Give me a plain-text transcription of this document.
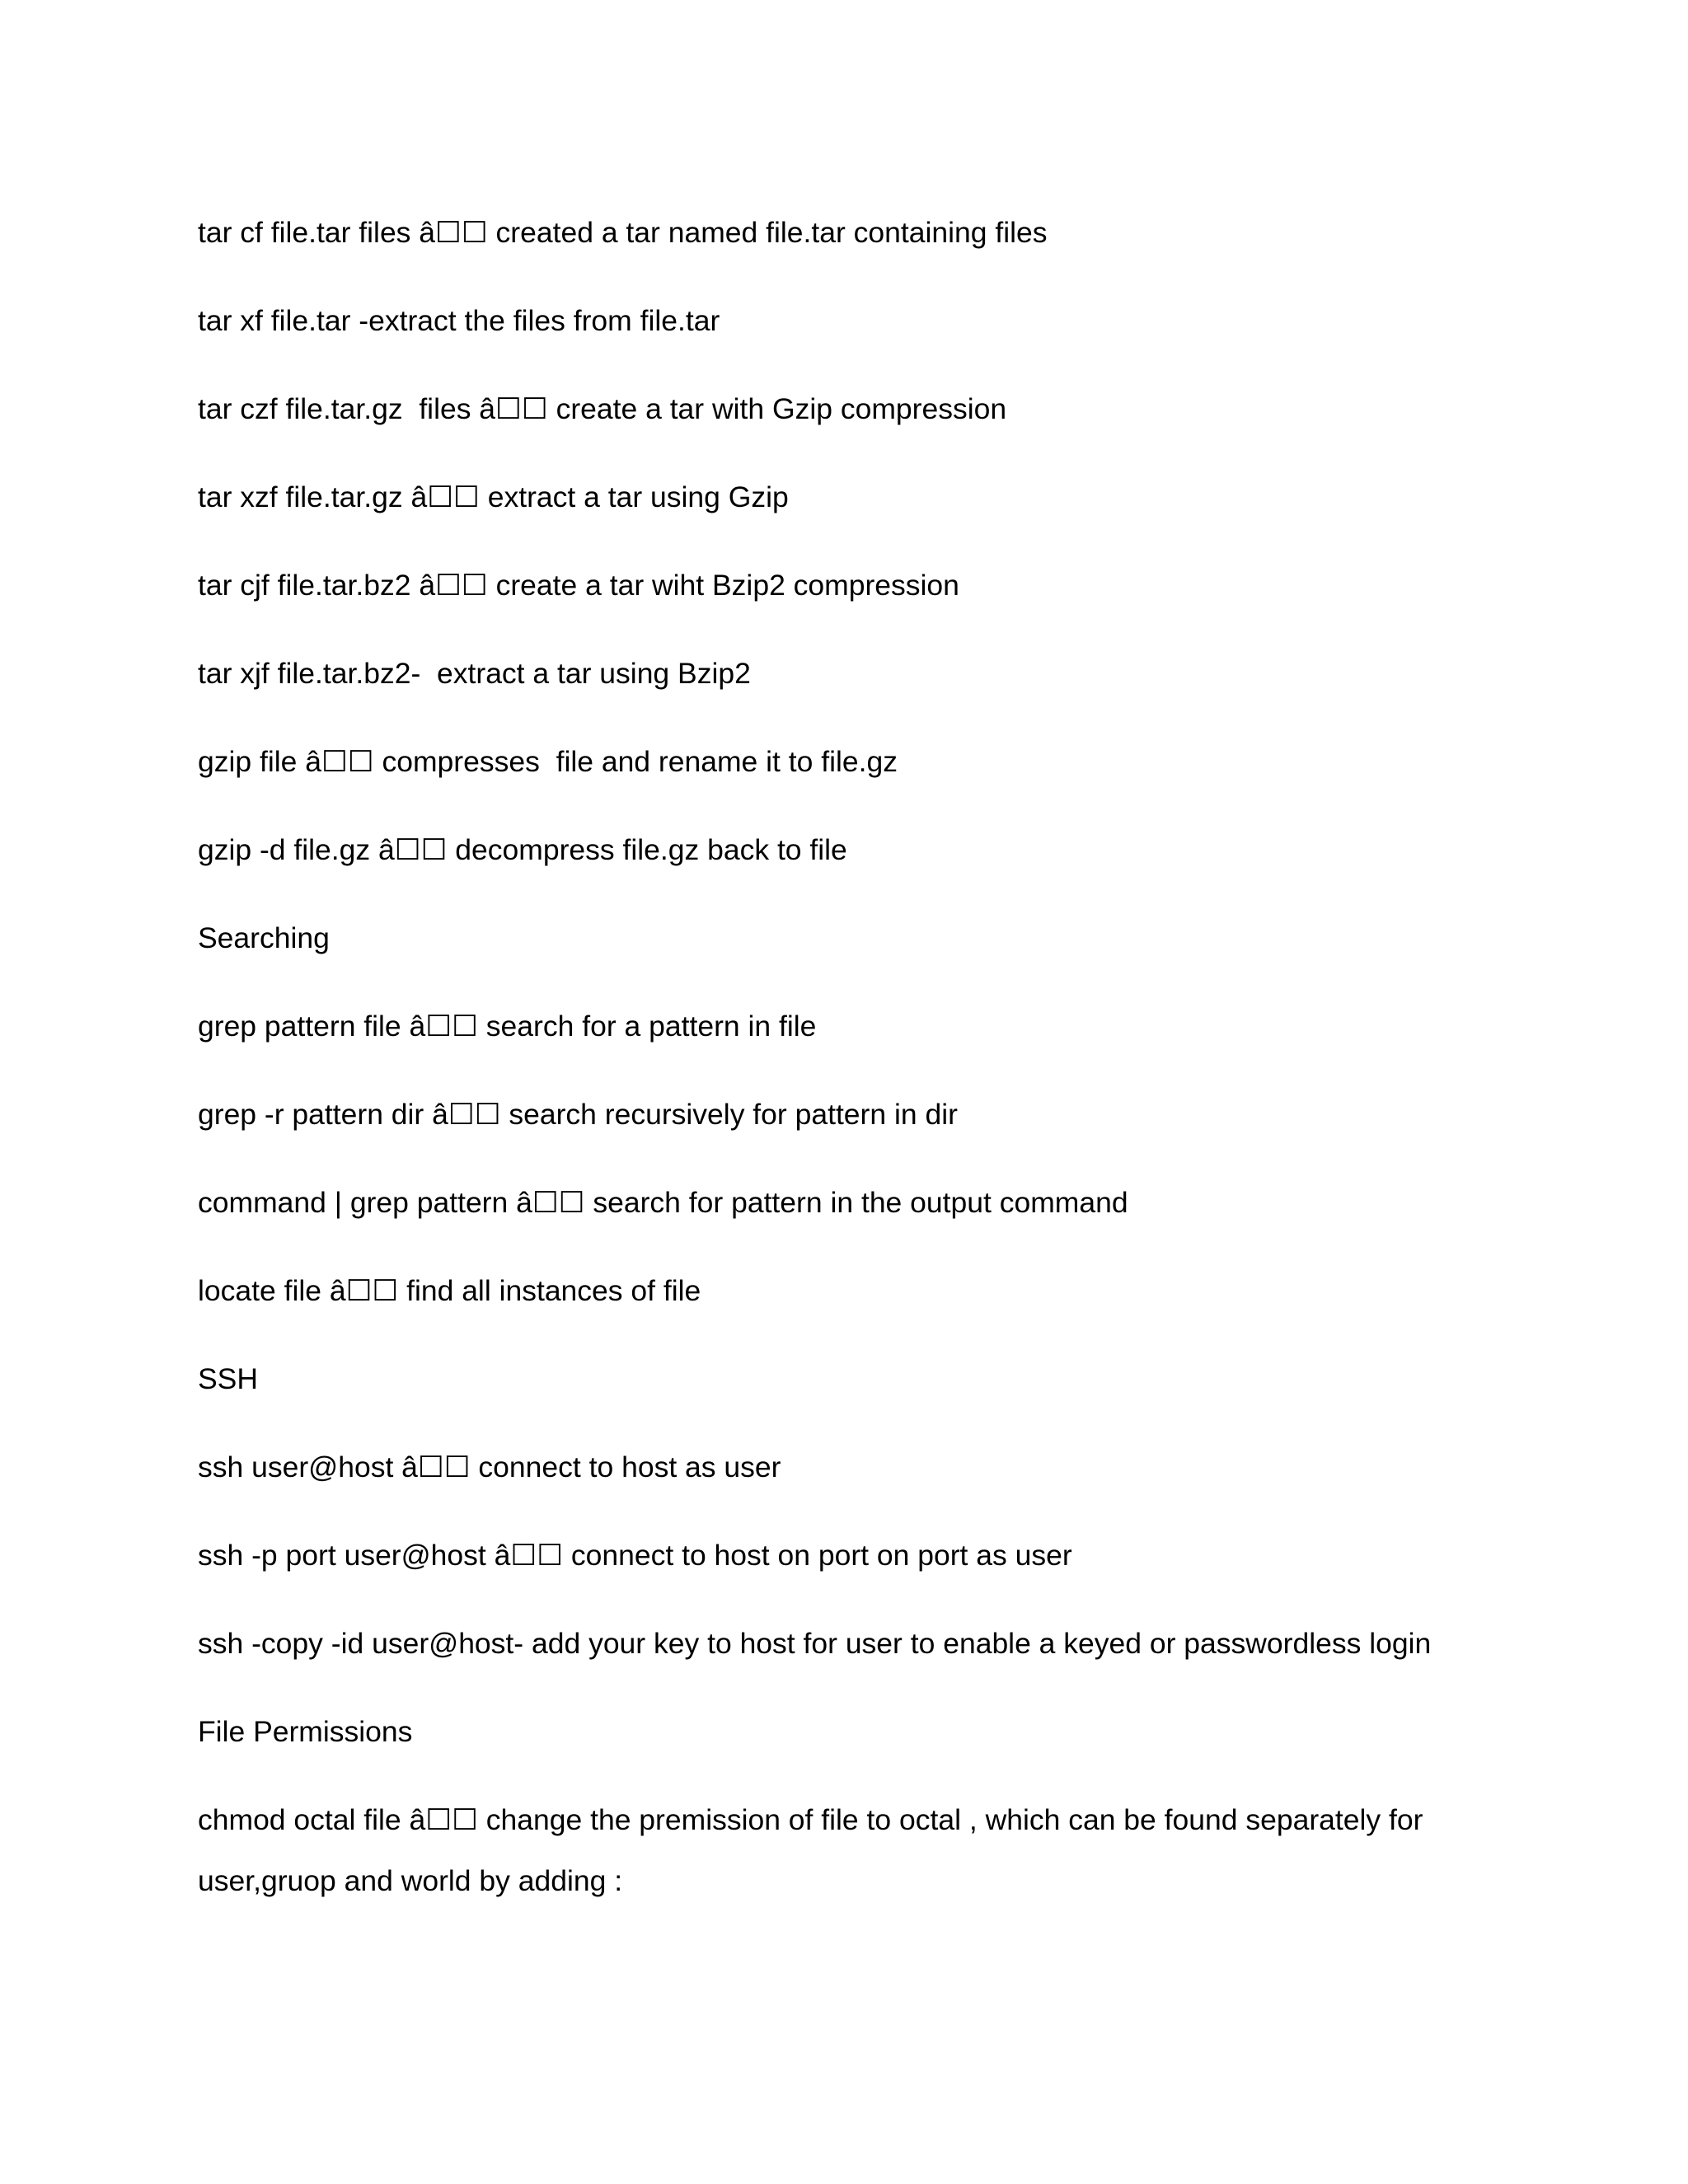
tar cf file.tar files â☐☐ created a tar named file.tar containing files
tar xf file.tar -extract the files from file.tar
tar czf file.tar.gz  files â☐☐ create a tar with Gzip compression
tar xzf file.tar.gz â☐☐ extract a tar using Gzip
tar cjf file.tar.bz2 â☐☐ create a tar wiht Bzip2 compression
tar xjf file.tar.bz2-  extract a tar using Bzip2
gzip file â☐☐ compresses  file and rename it to file.gz
gzip -d file.gz â☐☐ decompress file.gz back to file
Searching
grep pattern file â☐☐ search for a pattern in file
grep -r pattern dir â☐☐ search recursively for pattern in dir
command | grep pattern â☐☐ search for pattern in the output command
locate file â☐☐ find all instances of file
SSH
ssh user@host â☐☐ connect to host as user
ssh -p port user@host â☐☐ connect to host on port on port as user
ssh -copy -id user@host- add your key to host for user to enable a keyed or passwordless login
File Permissions
chmod octal file â☐☐ change the premission of file to octal , which can be found separately for
user,gruop and world by adding :
